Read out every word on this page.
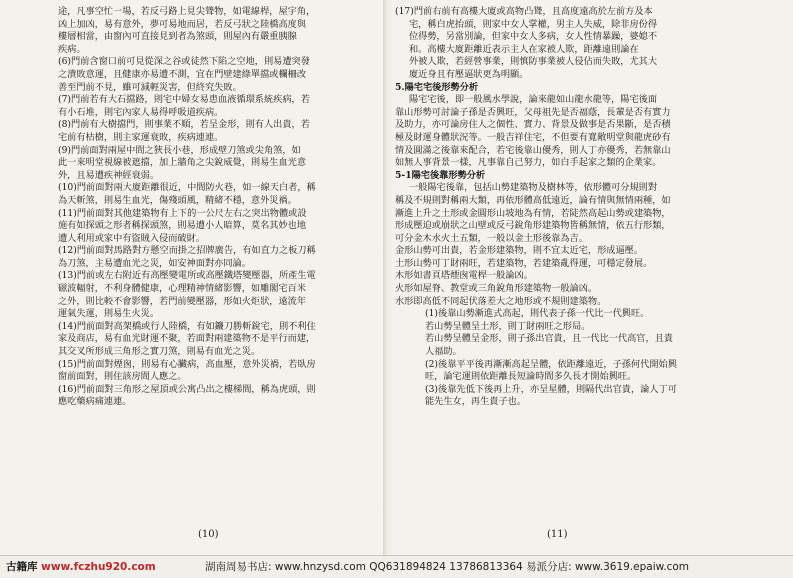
途，凡事空忙一場，若反弓路上見尖聳物，如電線桿，屋宇角，
凶上加凶，易有意外，夢可易地而居，若反弓狀之陸橋高度與
樓層相當，由窗內可直接見到者為煞頭，則屋內有嚴重胰腺
疾病。
(6)門前含窗口前可見從深之谷或徒然下陷之空地，則易遭突發
之潰敗意運，且健康亦易遭不測，宜在門壁建綠單擋或欄柵改
善至門前不見，雖可減輕災害，但終究失敗。
(7)門前若有大石擋路，則宅中婦女易患血液循環系統疾病，若
有小石堆，則宅內家人易得呼吸道疾病。
(8)門前有大樹擋門，則事業不順，若呈金形，則有人出貴，若
宅前有枯樹，則主家運衰敗，疾病連連。
(9)門前面對兩屋中間之狹長小巷，形成壁刀煞或尖角煞，如
此一來明堂視線被遮擋，加上牆角之尖銳威覺，則易生血光意
外，且易遭疾神經衰弱。
(10)門前面對兩大廈距離很近，中間防火巷，如一線天白者，稱
為天斬煞，則易生血光，傷殘頭風，精緒不穩，意外災禍。
(11)門前面對其他建築物有上下的一公尺左右之突出物體或設
施有如探頭之形者稱探頭煞，則易遭小人暗算，莫名其妙也地
遭人利用或家中有盜賊入侵而破財。
(12)門前面對馬路對方懸空而掛之招牌廣告，有如直力之板刀稱
為刀煞，主易遭血光之災，如安神面對亦同論。
(13)門前或左右附近有高壓變電所或高壓鐵塔變壓器，所產生電
磁波輻射，不利身體健康，心理精神情緒影響，如雕閣宅百米
之外，則比較不會影響，若門前變壓器，形如火炬狀，遠流年
運氣失運，則易生火災。
(14)門前面對高架橋或行人陸橋，有如鐮刀勝斬銳宅，則不利住
家及商店，易有血光財運不聚，若面對兩建築物不是平行而建，
其交叉所形成三角形之實刀煞，則易有血光之災。
(15)門前面對煙囪，則易有心臟病，高血壓，意外災禍，若臥房
窗前面對，則住該房間人應之。
(16)門前面對三角形之屋頂或公寓凸出之樓梯間，稱為虎頭，則
應吃藥病痛連連。
(10)
(17)門前右前有高樓大廈或高物凸聳，且高度遠高於左前方及本
宅，稱白虎抬頭，則家中女人掌權，男主人失威，除非房份得
位得勢，另當別論，但家中女人多病，女人性情暴躁，婆媳不
和。高樓大廈距離近表示主人在家被人欺，距離遠則論在
外被人欺，若經營事業，則慎防事業被人侵佔而失敗，尤其大
廈近身且有壓逼狀更為明顯。
5.陽宅宅後形勢分析
陽宅宅後，即一般風水學說，論來龍如山龍水龍等，陽宅後面
靠山形勢可討論子孫是否興旺，父母祖先是否福蔭，長輩是否有實力
及助力，亦可論房住人之個性、實力、背景及做事是否果斷，是否積
極及財運身體狀況等。一般吉祥住宅，不但要有寬敞明堂與龍虎砂有
情及圓滿之後靠來配合，若宅後靠山優秀，則人丁亦優秀，若無靠山
如無人事背景一樣，凡事靠自己努力，如白手起家之類的企業家。
5-1陽宅後靠形勢分析
一般陽宅後靠，包括山勢建築物及樹林等，依形體可分規則對
稱及不規則對稱兩大類，再依形體高低遠近，論有情與無情兩種，如
漸進上升之土形或金圓形山坡地為有情，若陡然高起山勢或建築物，
形成壓迫或崩狀之山壁或反弓銳角形建築物皆稱無情，依五行形類，
可分金木水火土五類，一般以金土形後靠為吉。
金形山勢可出貴，若金形建築物，則不宜太近宅，形成逼壓。
土形山勢可丁財兩旺，若建築物，若建築亂得運，可穩定發展。
木形如書頁塔煙囪電桿一般論凶。
火形如屋脊、教堂或三角銳角形建築物一般論凶。
水形即高低不同起伏落差大之地形或不規則建築物。
(1)後靠山勢漸進式高起，則代表子孫一代比一代興旺。
若山勢呈體呈土形，則丁財兩旺之形局。
若山勢呈體呈金形，則子孫出官貴，且一代比一代高官，且貴
人福助。
(2)後靠平平後再漸漸高起呈體，依距離遠近，子孫何代開始興
旺，論宅運則依距離長短論時間多久長才開始興旺。
(3)後靠先低下後再上升，亦呈星體，則隔代出官貴，論人丁可
能先生女，再生貴子也。
(11)
古籍库 www.fczhu920.com	湖南周易书店: www.hnzysd.com QQ631894824 13786813364 易派分店: www.3619.epaiw.com
